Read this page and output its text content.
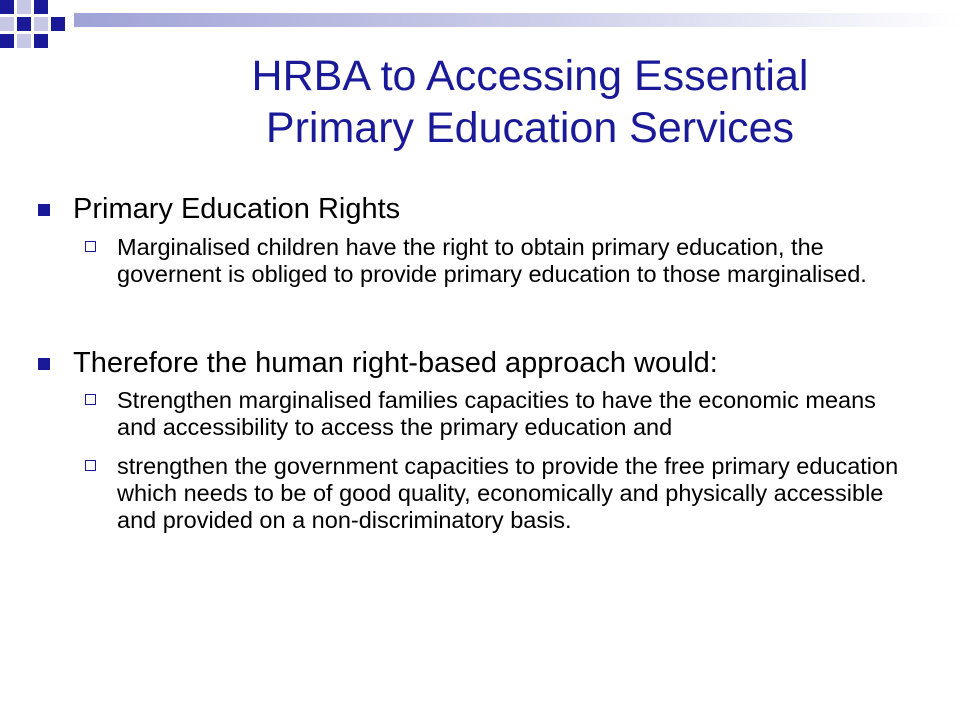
HRBA to Accessing Essential
Primary Education Services
Primary Education Rights
Marginalised children have the right to obtain primary education, the governent is obliged to provide primary education to those marginalised.
Therefore the human right-based approach would:
Strengthen marginalised families capacities to have the economic means and accessibility to access the primary education and
strengthen the government capacities to provide the free primary education which needs to be of good quality, economically and physically accessible and provided on a non-discriminatory basis.
